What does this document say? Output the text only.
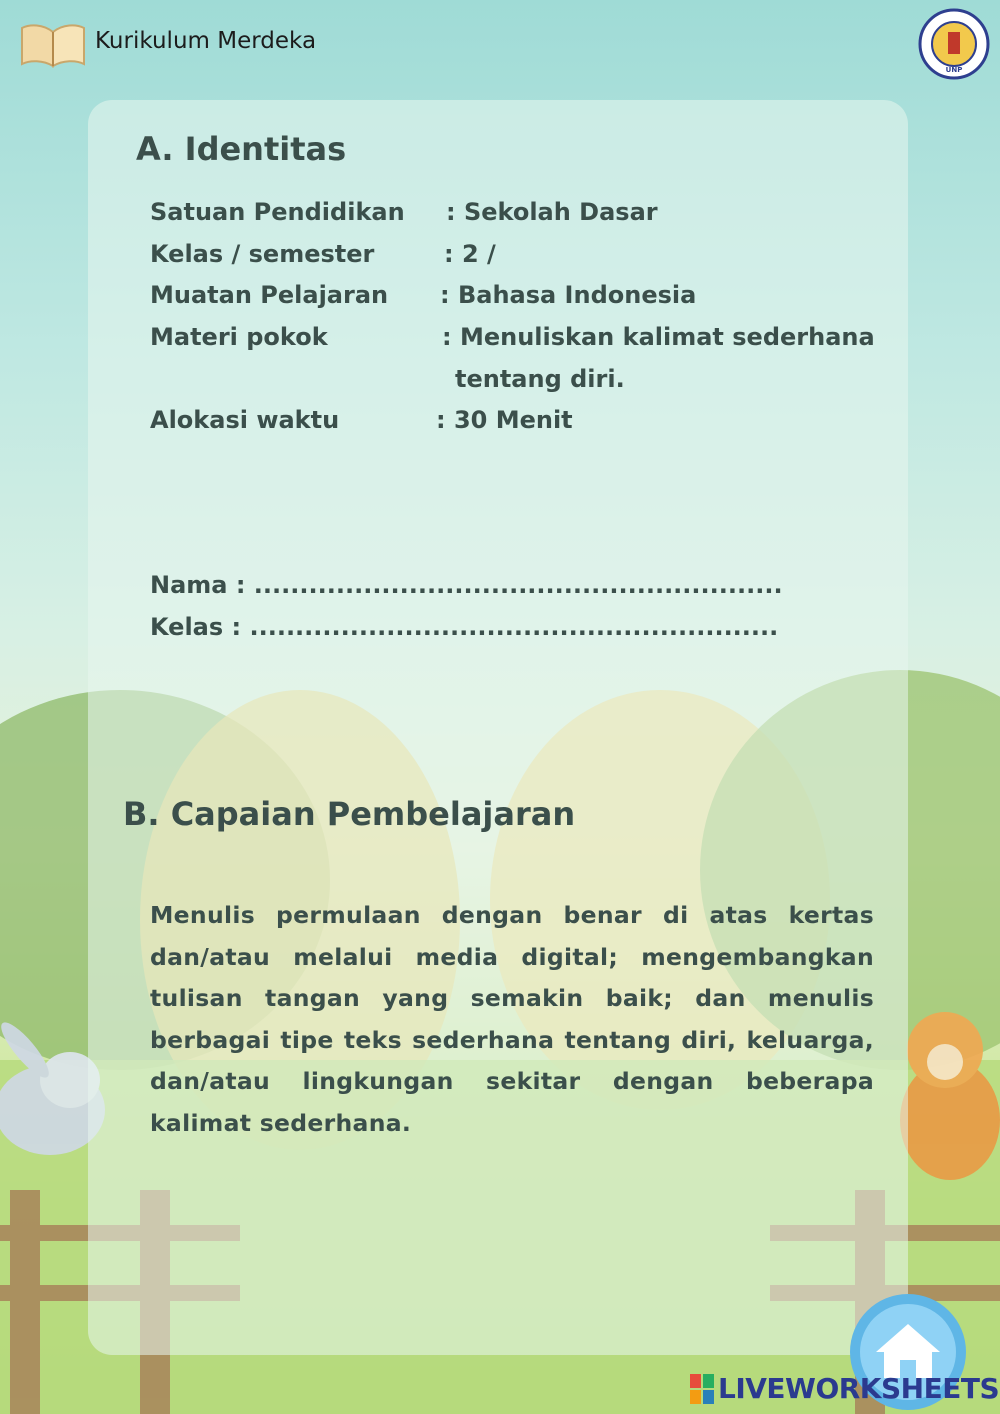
Kurikulum Merdeka
UNP
A. Identitas
Satuan Pendidikan : Sekolah Dasar
Kelas / semester	: 2 /
Muatan Pelajaran : Bahasa Indonesia
Materi pokok	: Menuliskan kalimat sederhana
tentang diri.
Alokasi waktu	: 30 Menit
Nama : ..........................................................
Kelas : ..........................................................
B. Capaian Pembelajaran
Menulis permulaan dengan benar di atas kertas dan/atau melalui media digital; mengembangkan tulisan tangan yang semakin baik; dan menulis berbagai tipe teks sederhana tentang diri, keluarga, dan/atau lingkungan sekitar dengan beberapa kalimat sederhana.
LIVEWORKSHEETS
